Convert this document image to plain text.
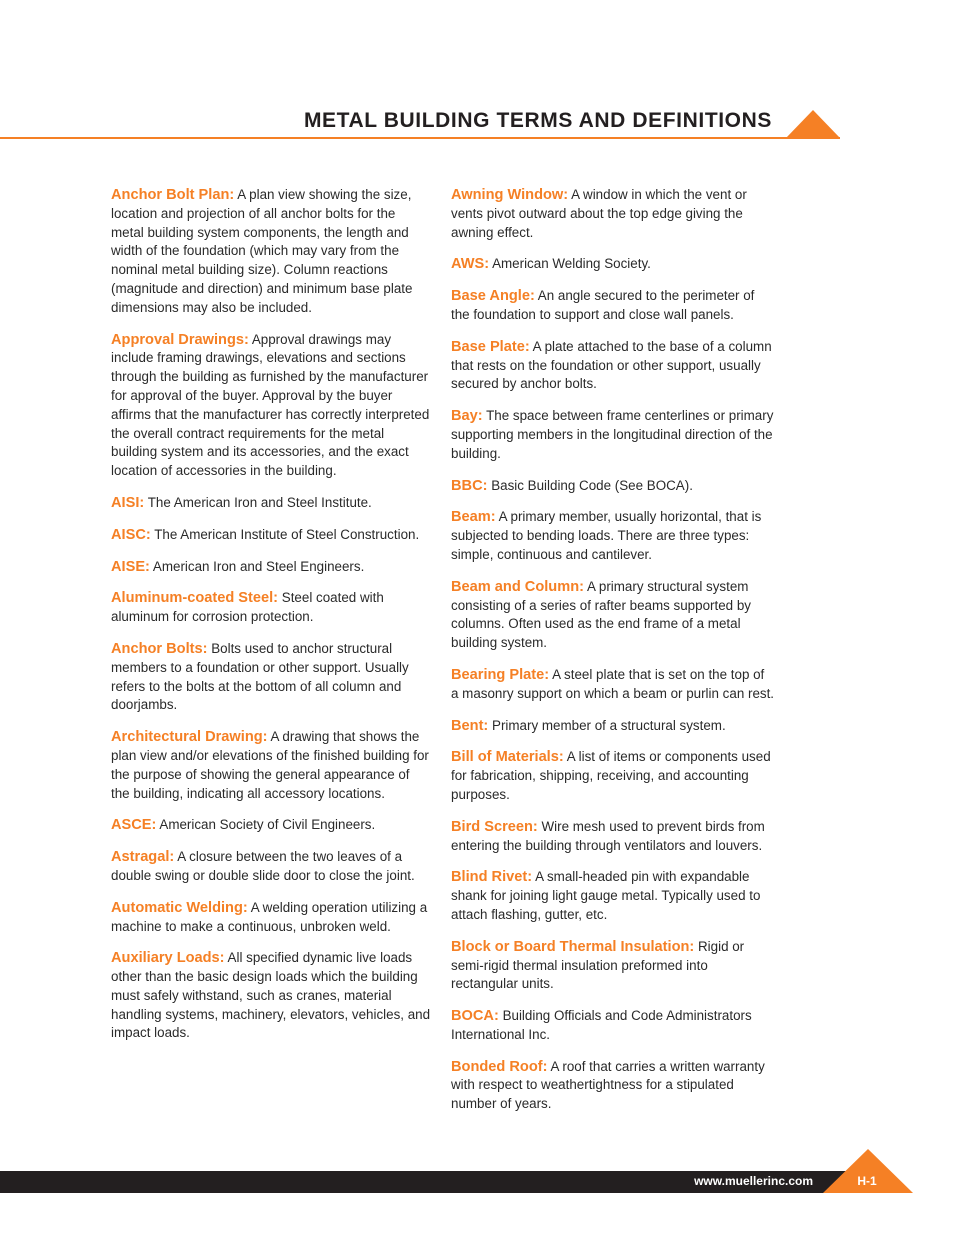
METAL BUILDING TERMS AND DEFINITIONS

Anchor Bolt Plan: A plan view showing the size, location and projection of all anchor bolts for the metal building system components, the length and width of the foundation (which may vary from the nominal metal building size). Column reactions (magnitude and direction) and minimum base plate dimensions may also be included.

Approval Drawings: Approval drawings may include framing drawings, elevations and sections through the building as furnished by the manufacturer for approval of the buyer. Approval by the buyer affirms that the manufacturer has correctly interpreted the overall contract requirements for the metal building system and its accessories, and the exact location of accessories in the building.

AISI: The American Iron and Steel Institute.

AISC: The American Institute of Steel Construction.

AISE: American Iron and Steel Engineers.

Aluminum-coated Steel: Steel coated with aluminum for corrosion protection.

Anchor Bolts: Bolts used to anchor structural members to a foundation or other support. Usually refers to the bolts at the bottom of all column and doorjambs.

Architectural Drawing: A drawing that shows the plan view and/or elevations of the finished building for the purpose of showing the general appearance of the building, indicating all accessory locations.

ASCE: American Society of Civil Engineers.

Astragal: A closure between the two leaves of a double swing or double slide door to close the joint.

Automatic Welding: A welding operation utilizing a machine to make a continuous, unbroken weld.

Auxiliary Loads: All specified dynamic live loads other than the basic design loads which the building must safely withstand, such as cranes, material handling systems, machinery, elevators, vehicles, and impact loads.

Awning Window: A window in which the vent or vents pivot outward about the top edge giving the awning effect.

AWS: American Welding Society.

Base Angle: An angle secured to the perimeter of the foundation to support and close wall panels.

Base Plate: A plate attached to the base of a column that rests on the foundation or other support, usually secured by anchor bolts.

Bay: The space between frame centerlines or primary supporting members in the longitudinal direction of the building.

BBC: Basic Building Code (See BOCA).

Beam: A primary member, usually horizontal, that is subjected to bending loads. There are three types: simple, continuous and cantilever.

Beam and Column: A primary structural system consisting of a series of rafter beams supported by columns. Often used as the end frame of a metal building system.

Bearing Plate: A steel plate that is set on the top of a masonry support on which a beam or purlin can rest.

Bent: Primary member of a structural system.

Bill of Materials: A list of items or components used for fabrication, shipping, receiving, and accounting purposes.

Bird Screen: Wire mesh used to prevent birds from entering the building through ventilators and louvers.

Blind Rivet: A small-headed pin with expandable shank for joining light gauge metal. Typically used to attach flashing, gutter, etc.

Block or Board Thermal Insulation: Rigid or semi-rigid thermal insulation preformed into rectangular units.

BOCA: Building Officials and Code Administrators International Inc.

Bonded Roof: A roof that carries a written warranty with respect to weathertightness for a stipulated number of years.

www.muellerinc.com	H-1
